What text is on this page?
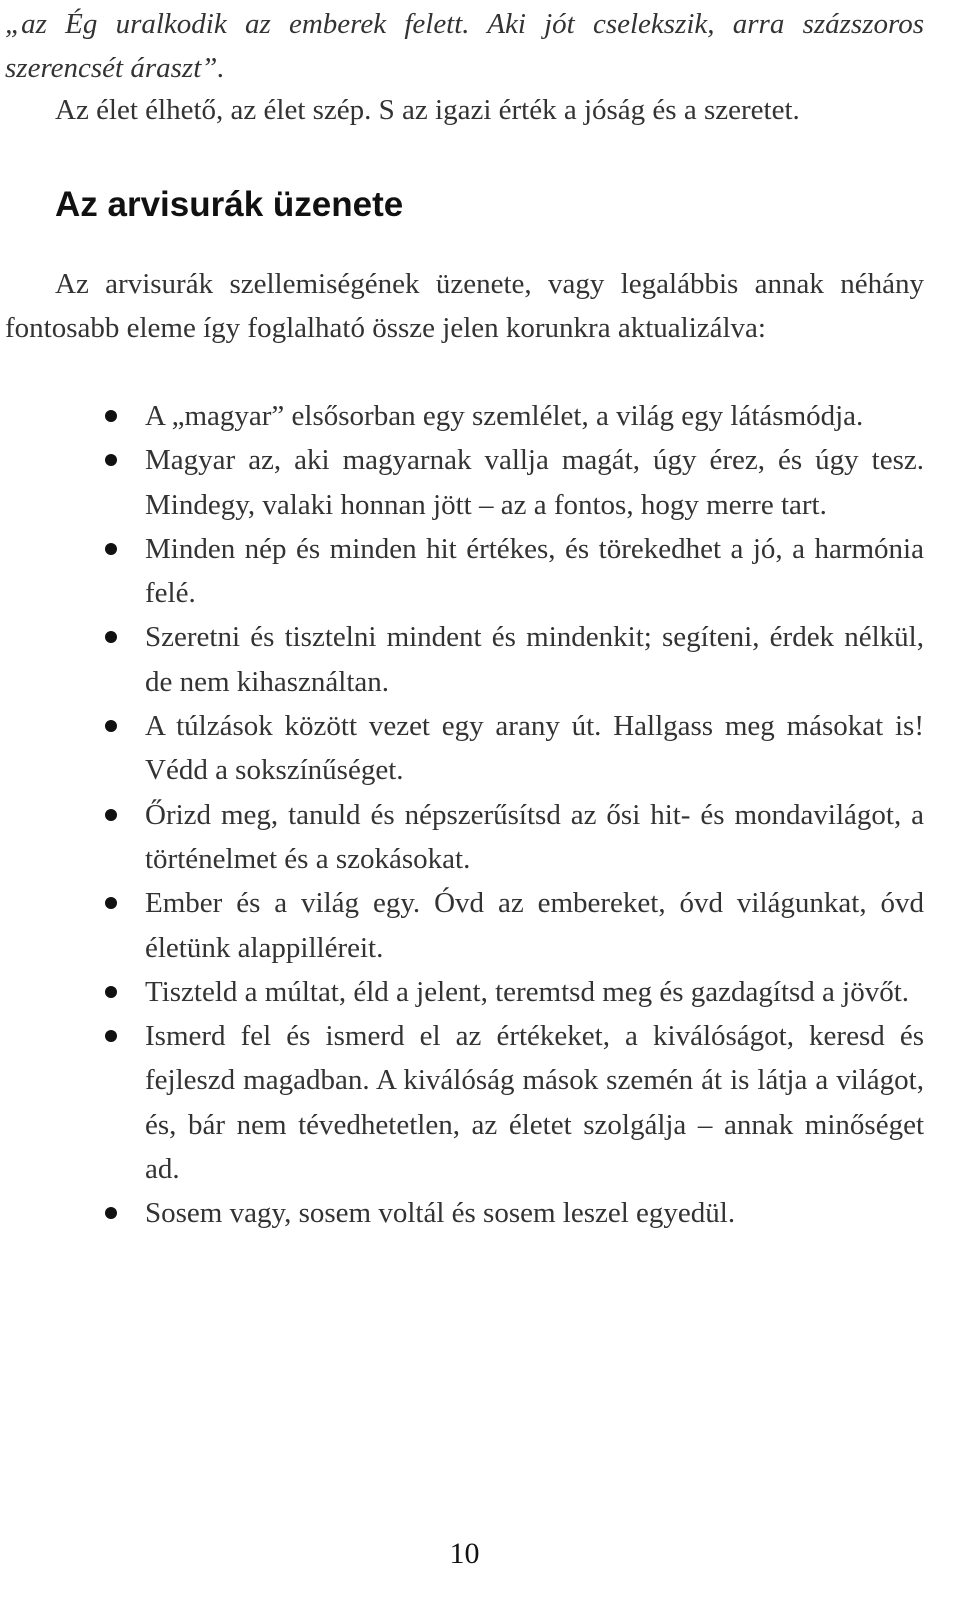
„az Ég uralkodik az emberek felett. Aki jót cselekszik, arra százszoros szerencsét áraszt”.
Az élet élhető, az élet szép. S az igazi érték a jóság és a szeretet.
Az arvisurák üzenete

Az arvisurák szellemiségének üzenete, vagy legalábbis annak néhány fontosabb eleme így foglalható össze jelen korunkra aktualizálva:

A „magyar” elsősorban egy szemlélet, a világ egy látásmódja.
Magyar az, aki magyarnak vallja magát, úgy érez, és úgy tesz. Mindegy, valaki honnan jött – az a fontos, hogy merre tart.
Minden nép és minden hit értékes, és törekedhet a jó, a harmónia felé.
Szeretni és tisztelni mindent és mindenkit; segíteni, érdek nélkül, de nem kihasználtan.
A túlzások között vezet egy arany út. Hallgass meg másokat is! Védd a sokszínűséget.
Őrizd meg, tanuld és népszerűsítsd az ősi hit- és mondavilágot, a történelmet és a szokásokat.
Ember és a világ egy. Óvd az embereket, óvd világunkat, óvd életünk alappilléreit.
Tiszteld a múltat, éld a jelent, teremtsd meg és gazdagítsd a jövőt.
Ismerd fel és ismerd el az értékeket, a kiválóságot, keresd és fejleszd magadban. A kiválóság mások szemén át is látja a világot, és, bár nem tévedhetetlen, az életet szolgálja – annak minőséget ad.
Sosem vagy, sosem voltál és sosem leszel egyedül.
10
